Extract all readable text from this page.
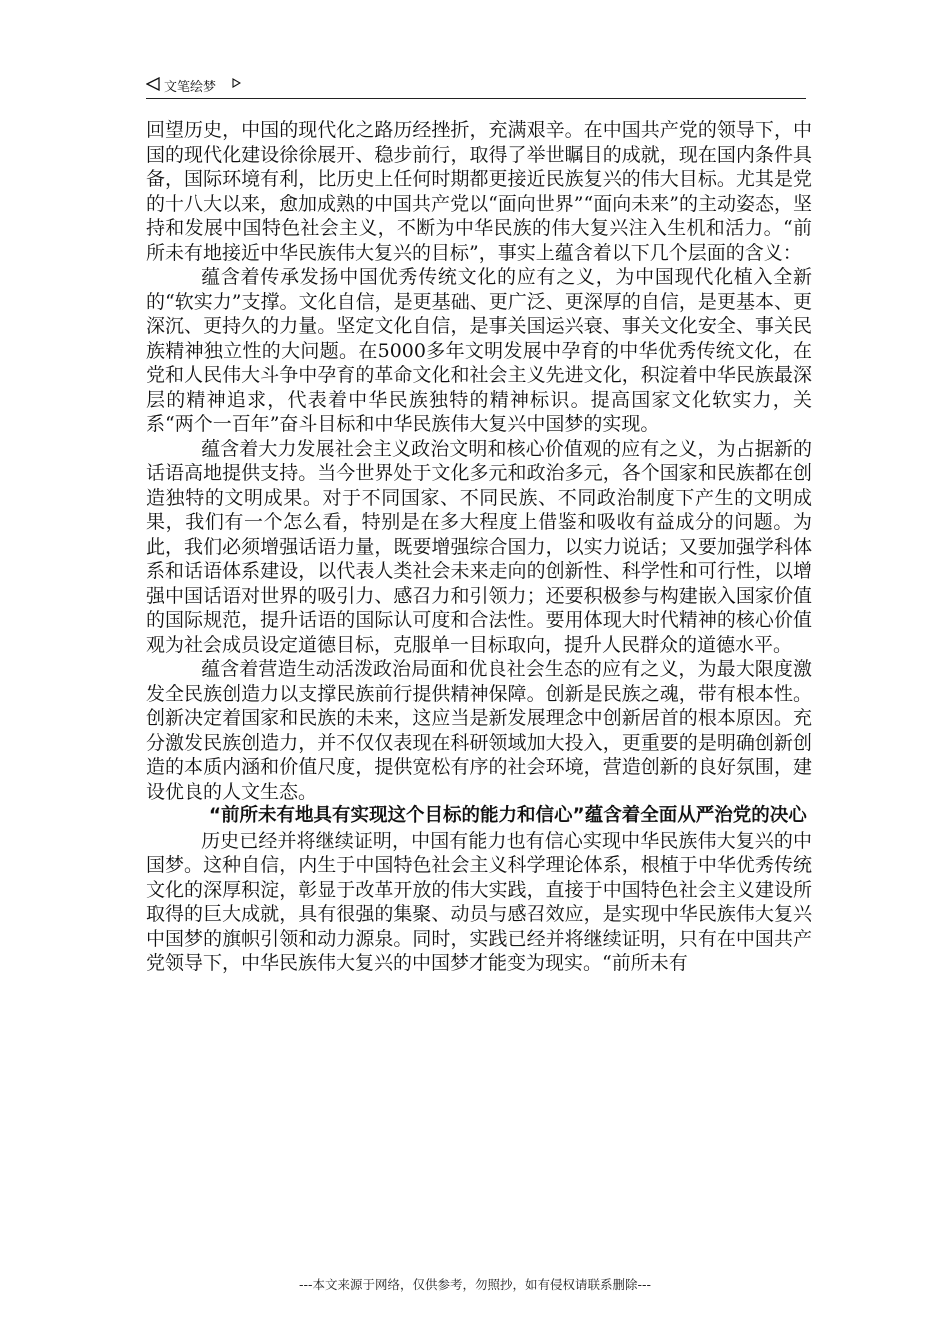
文笔绘梦

回望历史，中国的现代化之路历经挫折，充满艰辛。在中国共产党的领导下，中国的现代化建设徐徐展开、稳步前行，取得了举世瞩目的成就，现在国内条件具备，国际环境有利，比历史上任何时期都更接近民族复兴的伟大目标。尤其是党的十八大以来，愈加成熟的中国共产党以“面向世界”“面向未来”的主动姿态，坚持和发展中国特色社会主义，不断为中华民族的伟大复兴注入生机和活力。“前所未有地接近中华民族伟大复兴的目标”，事实上蕴含着以下几个层面的含义：

蕴含着传承发扬中国优秀传统文化的应有之义，为中国现代化植入全新的“软实力”支撑。文化自信，是更基础、更广泛、更深厚的自信，是更基本、更深沉、更持久的力量。坚定文化自信，是事关国运兴衰、事关文化安全、事关民族精神独立性的大问题。在5000多年文明发展中孕育的中华优秀传统文化，在党和人民伟大斗争中孕育的革命文化和社会主义先进文化，积淀着中华民族最深层的精神追求，代表着中华民族独特的精神标识。提高国家文化软实力，关系“两个一百年”奋斗目标和中华民族伟大复兴中国梦的实现。

蕴含着大力发展社会主义政治文明和核心价值观的应有之义，为占据新的话语高地提供支持。当今世界处于文化多元和政治多元，各个国家和民族都在创造独特的文明成果。对于不同国家、不同民族、不同政治制度下产生的文明成果，我们有一个怎么看，特别是在多大程度上借鉴和吸收有益成分的问题。为此，我们必须增强话语力量，既要增强综合国力，以实力说话；又要加强学科体系和话语体系建设，以代表人类社会未来走向的创新性、科学性和可行性，以增强中国话语对世界的吸引力、感召力和引领力；还要积极参与构建嵌入国家价值的国际规范，提升话语的国际认可度和合法性。要用体现大时代精神的核心价值观为社会成员设定道德目标，克服单一目标取向，提升人民群众的道德水平。

蕴含着营造生动活泼政治局面和优良社会生态的应有之义，为最大限度激发全民族创造力以支撑民族前行提供精神保障。创新是民族之魂，带有根本性。创新决定着国家和民族的未来，这应当是新发展理念中创新居首的根本原因。充分激发民族创造力，并不仅仅表现在科研领域加大投入，更重要的是明确创新创造的本质内涵和价值尺度，提供宽松有序的社会环境，营造创新的良好氛围，建设优良的人文生态。

“前所未有地具有实现这个目标的能力和信心”蕴含着全面从严治党的决心

历史已经并将继续证明，中国有能力也有信心实现中华民族伟大复兴的中国梦。这种自信，内生于中国特色社会主义科学理论体系，根植于中华优秀传统文化的深厚积淀，彰显于改革开放的伟大实践，直接于中国特色社会主义建设所取得的巨大成就，具有很强的集聚、动员与感召效应，是实现中华民族伟大复兴中国梦的旗帜引领和动力源泉。同时，实践已经并将继续证明，只有在中国共产党领导下，中华民族伟大复兴的中国梦才能变为现实。“前所未有

---本文来源于网络，仅供参考，勿照抄，如有侵权请联系删除---
